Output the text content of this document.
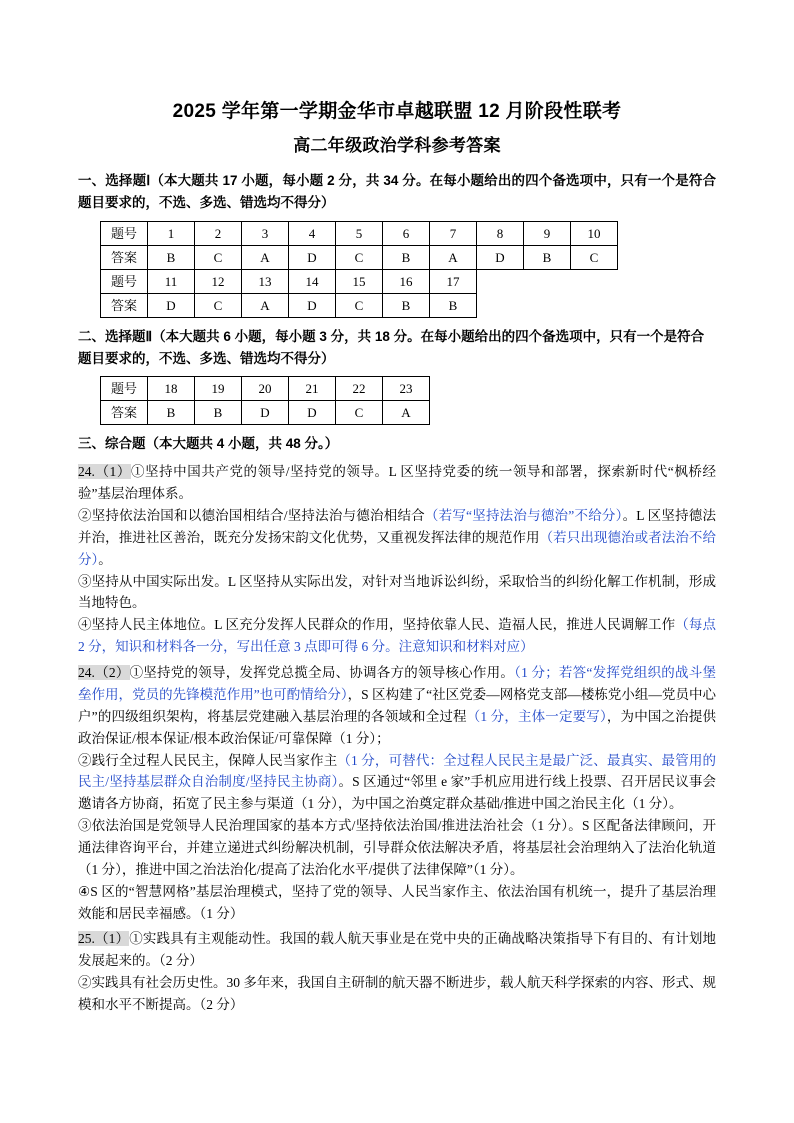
2025 学年第一学期金华市卓越联盟 12 月阶段性联考
高二年级政治学科参考答案
一、选择题Ⅰ（本大题共 17 小题，每小题 2 分，共 34 分。在每小题给出的四个备选项中，只有一个是符合题目要求的，不选、多选、错选均不得分）
题号	1	2	3	4	5	6	7	8	9	10
答案	B	C	A	D	C	B	A	D	B	C
题号	11	12	13	14	15	16	17			
答案	D	C	A	D	C	B	B			
二、选择题Ⅱ（本大题共 6 小题，每小题 3 分，共 18 分。在每小题给出的四个备选项中，只有一个是符合题目要求的，不选、多选、错选均不得分）
题号	18	19	20	21	22	23
答案	B	B	D	D	C	A
三、综合题（本大题共 4 小题，共 48 分。）

24.（1）①坚持中国共产党的领导/坚持党的领导。L 区坚持党委的统一领导和部署，探索新时代“枫桥经验”基层治理体系。

②坚持依法治国和以德治国相结合/坚持法治与德治相结合（若写“坚持法治与德治”不给分）。L 区坚持德法并治，推进社区善治，既充分发扬宋韵文化优势，又重视发挥法律的规范作用（若只出现德治或者法治不给分）。

③坚持从中国实际出发。L 区坚持从实际出发，对针对当地诉讼纠纷，采取恰当的纠纷化解工作机制，形成当地特色。

④坚持人民主体地位。L 区充分发挥人民群众的作用，坚持依靠人民、造福人民，推进人民调解工作（每点 2 分，知识和材料各一分，写出任意 3 点即可得 6 分。注意知识和材料对应）

24.（2）①坚持党的领导，发挥党总揽全局、协调各方的领导核心作用。（1 分；若答“发挥党组织的战斗堡垒作用，党员的先锋模范作用”也可酌情给分），S 区构建了“社区党委—网格党支部—楼栋党小组—党员中心户”的四级组织架构，将基层党建融入基层治理的各领域和全过程（1 分，主体一定要写），为中国之治提供政治保证/根本保证/根本政治保证/可靠保障（1 分）；

②践行全过程人民民主，保障人民当家作主（1 分，可替代：全过程人民民主是最广泛、最真实、最管用的民主/坚持基层群众自治制度/坚持民主协商）。S 区通过“邻里 e 家”手机应用进行线上投票、召开居民议事会邀请各方协商，拓宽了民主参与渠道（1 分），为中国之治奠定群众基础/推进中国之治民主化（1 分）。

③依法治国是党领导人民治理国家的基本方式/坚持依法治国/推进法治社会（1 分）。S 区配备法律顾问，开通法律咨询平台，并建立递进式纠纷解决机制，引导群众依法解决矛盾，将基层社会治理纳入了法治化轨道（1 分），推进中国之治法治化/提高了法治化水平/提供了法律保障”（1 分）。

④S 区的“智慧网格”基层治理模式，坚持了党的领导、人民当家作主、依法治国有机统一，提升了基层治理效能和居民幸福感。（1 分）

25.（1）①实践具有主观能动性。我国的载人航天事业是在党中央的正确战略决策指导下有目的、有计划地发展起来的。（2 分）

②实践具有社会历史性。30 多年来，我国自主研制的航天器不断进步，载人航天科学探索的内容、形式、规模和水平不断提高。（2 分）
